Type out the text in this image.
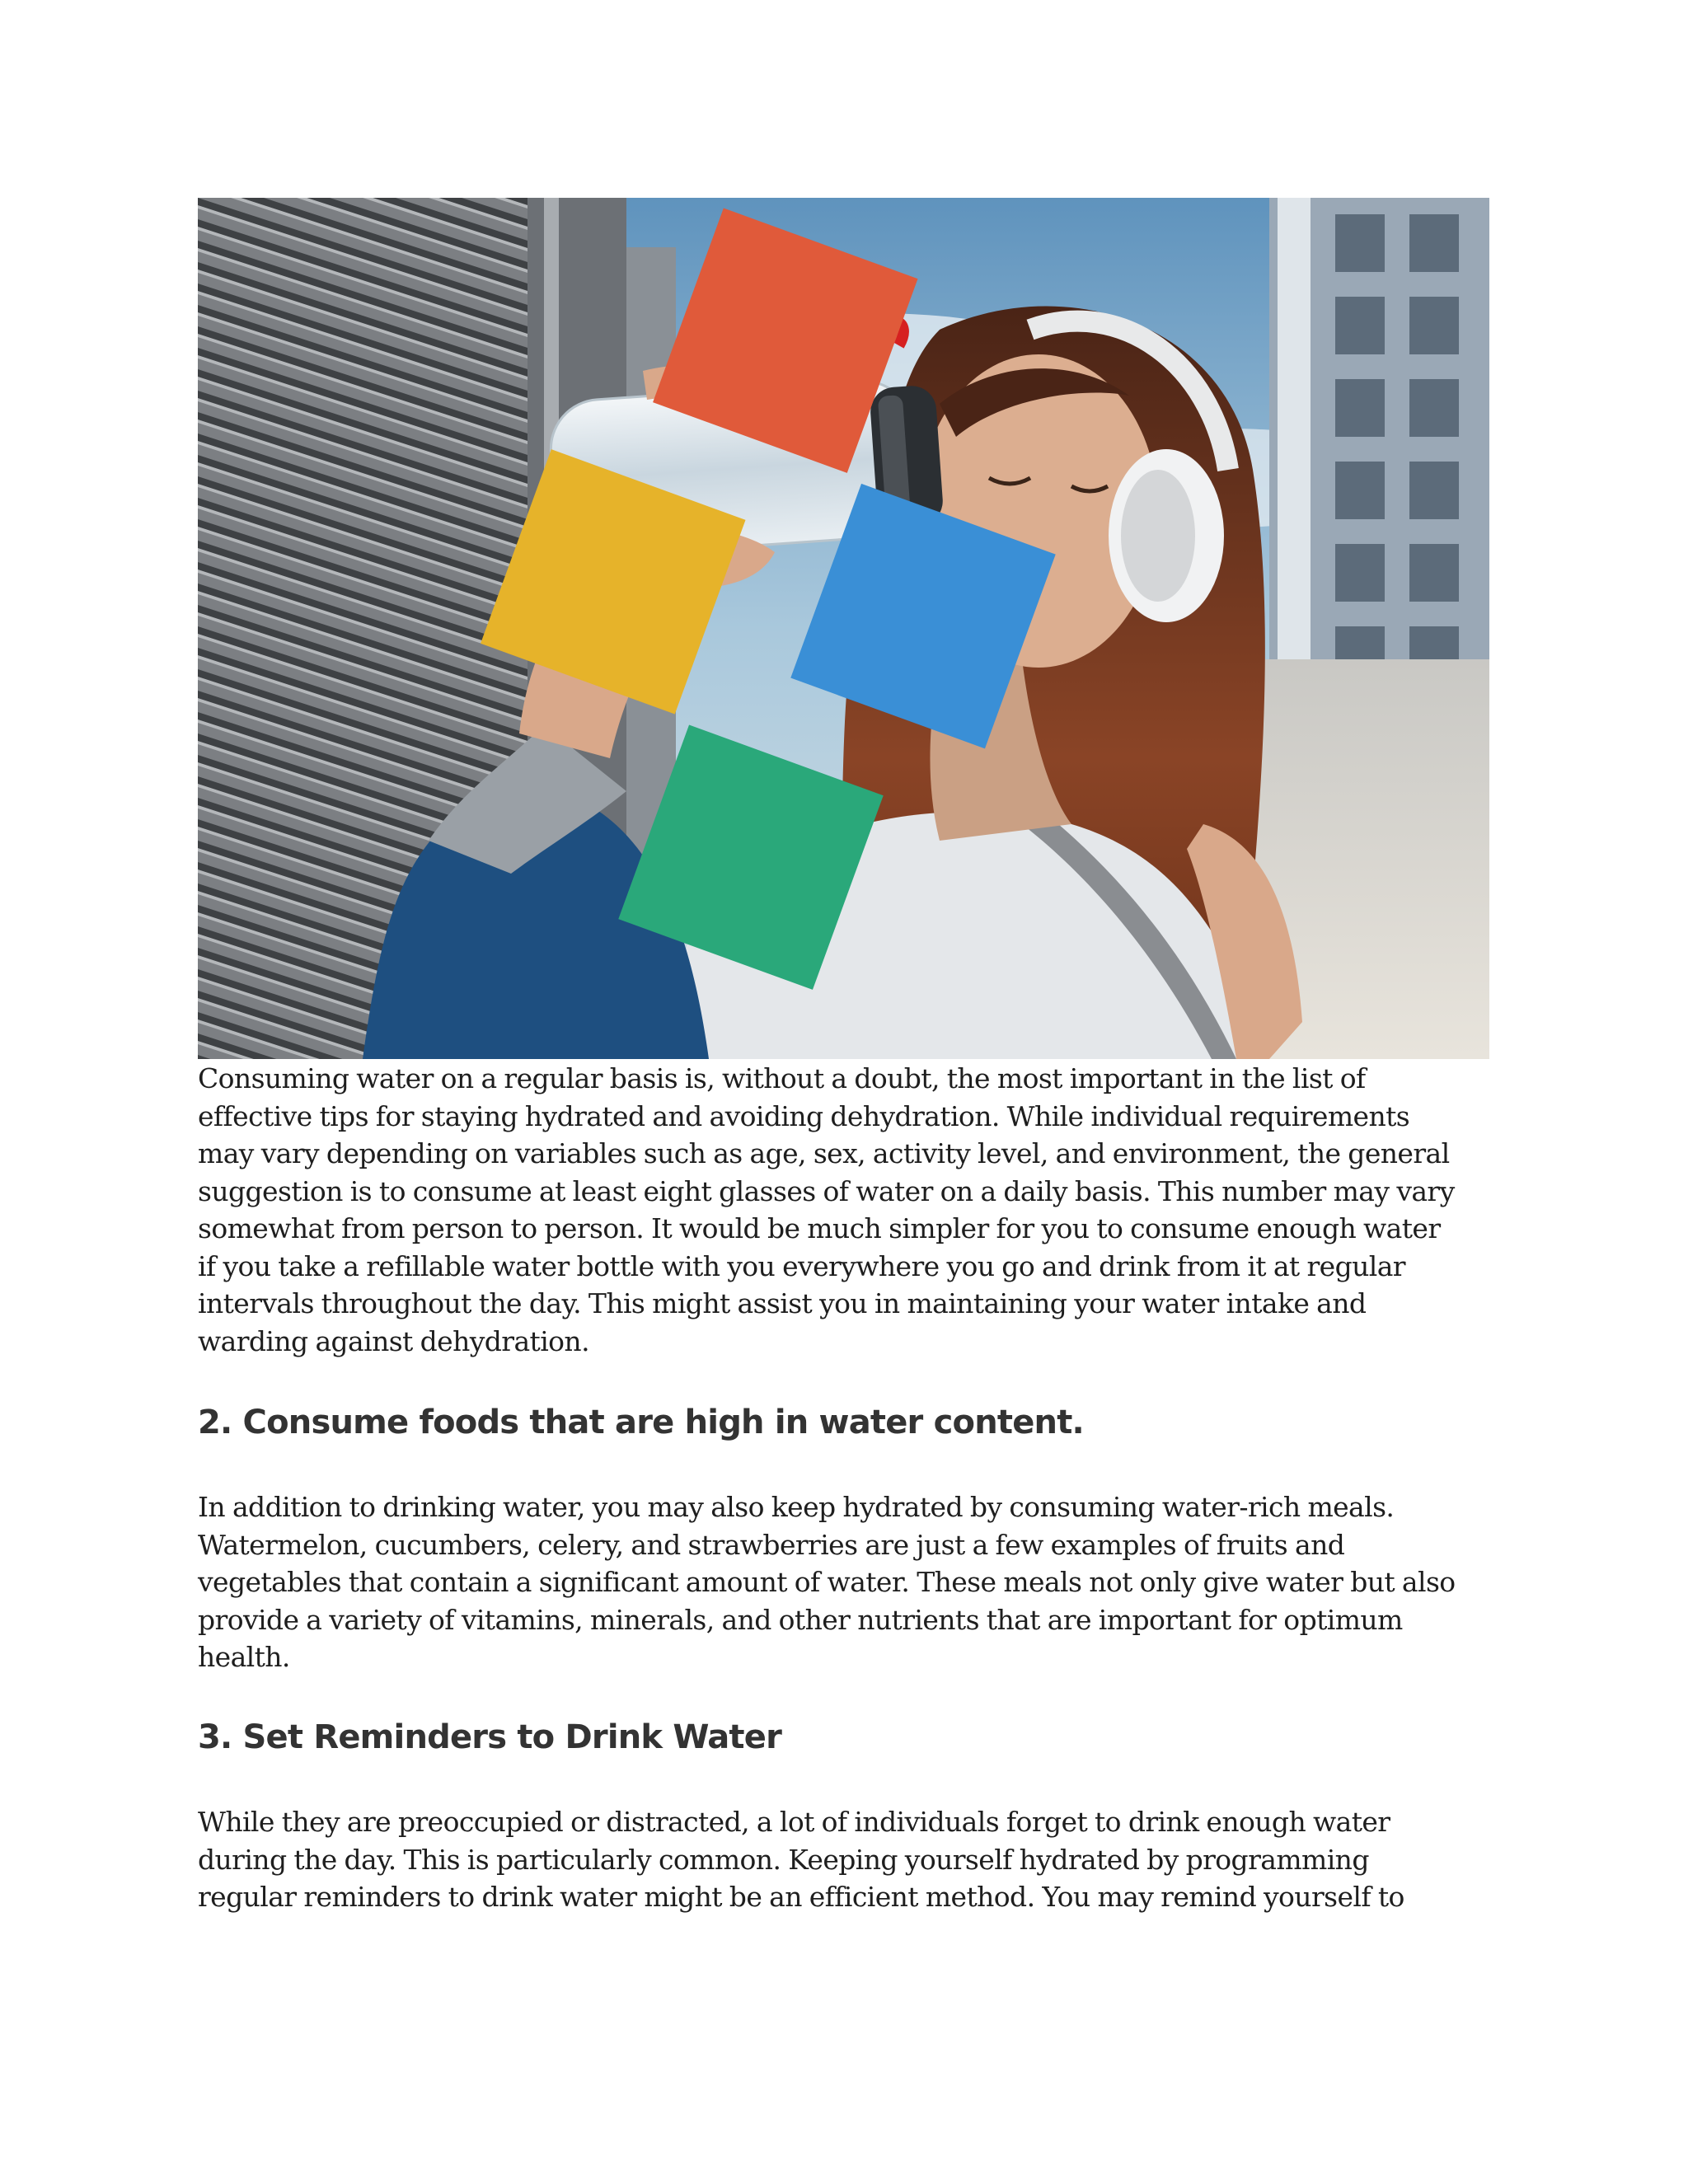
Consuming water on a regular basis is, without a doubt, the most important in the list of
effective tips for staying hydrated and avoiding dehydration. While individual requirements
may vary depending on variables such as age, sex, activity level, and environment, the general
suggestion is to consume at least eight glasses of water on a daily basis. This number may vary
somewhat from person to person. It would be much simpler for you to consume enough water
if you take a refillable water bottle with you everywhere you go and drink from it at regular
intervals throughout the day. This might assist you in maintaining your water intake and
warding against dehydration.

2. Consume foods that are high in water content.

In addition to drinking water, you may also keep hydrated by consuming water-rich meals.
Watermelon, cucumbers, celery, and strawberries are just a few examples of fruits and
vegetables that contain a significant amount of water. These meals not only give water but also
provide a variety of vitamins, minerals, and other nutrients that are important for optimum
health.

3. Set Reminders to Drink Water

While they are preoccupied or distracted, a lot of individuals forget to drink enough water
during the day. This is particularly common. Keeping yourself hydrated by programming
regular reminders to drink water might be an efficient method. You may remind yourself to
